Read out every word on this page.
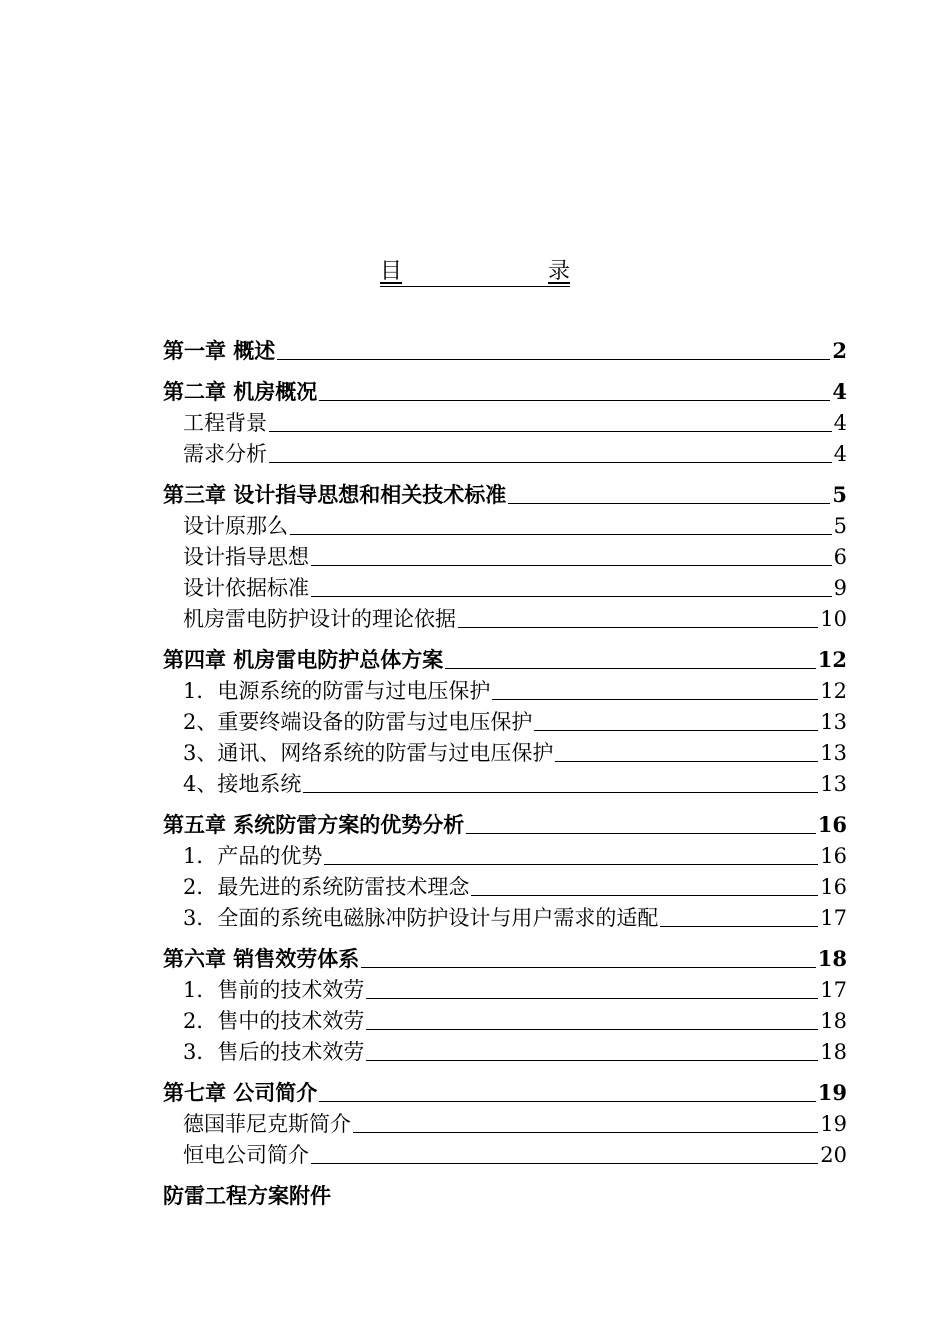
目	录
第一章 概述	2
第二章 机房概况	4
工程背景	4
需求分析	4
第三章 设计指导思想和相关技术标准	5
设计原那么	5
设计指导思想	6
设计依据标准	9
机房雷电防护设计的理论依据	10
第四章 机房雷电防护总体方案	12
1．电源系统的防雷与过电压保护	12
2、重要终端设备的防雷与过电压保护	13
3、通讯、网络系统的防雷与过电压保护	13
4、接地系统	13
第五章 系统防雷方案的优势分析	16
1．产品的优势	16
2．最先进的系统防雷技术理念	16
3．全面的系统电磁脉冲防护设计与用户需求的适配	17
第六章 销售效劳体系	18
1．售前的技术效劳	17
2．售中的技术效劳	18
3．售后的技术效劳	18
第七章 公司简介	19
德国菲尼克斯简介	19
恒电公司简介	20
防雷工程方案附件
